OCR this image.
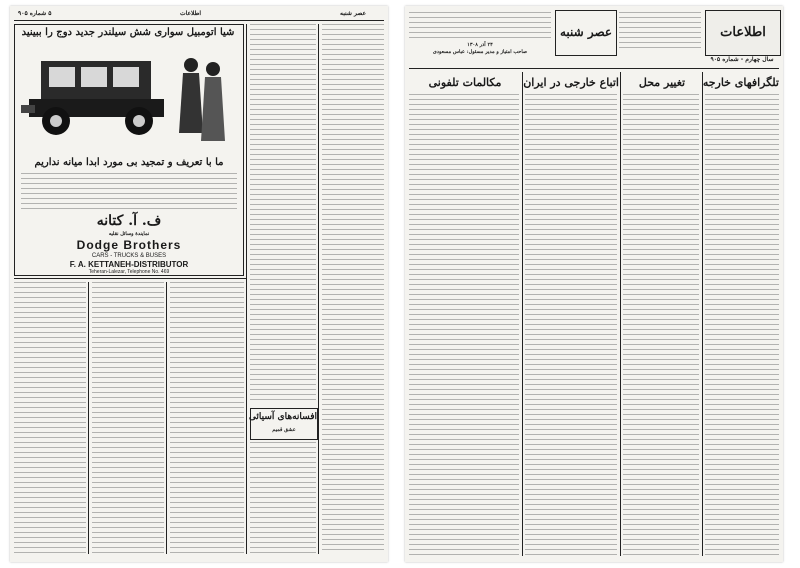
۵ شماره ۹۰۵	اطلاعات	عصر شنبه
شیا اتومبیل سواری شش سیلندر جدید دوج را ببینید
ما با تعریف و تمجید بی مورد ابدا میانه نداریم
ف. آ. کتانه
نمایندهٔ وسائل نقلیه
Dodge Brothers
CARS - TRUCKS & BUSES
F. A. KETTANEH-DISTRIBUTOR
Teheran-Lalezar, Telephone No. 469
افسانه‌های آسیائی
عشق قمیم
اطلاعات
سال چهارم - شماره ۹۰۵
عصر شنبه
۲۴ آذر ۱۳۰۸
صاحب امتیاز و مدیر مسئول: عباس مسعودی
تلگرافهای خارجه
تغییر محل
اتباع خارجی در ایران
مکالمات تلفونی
